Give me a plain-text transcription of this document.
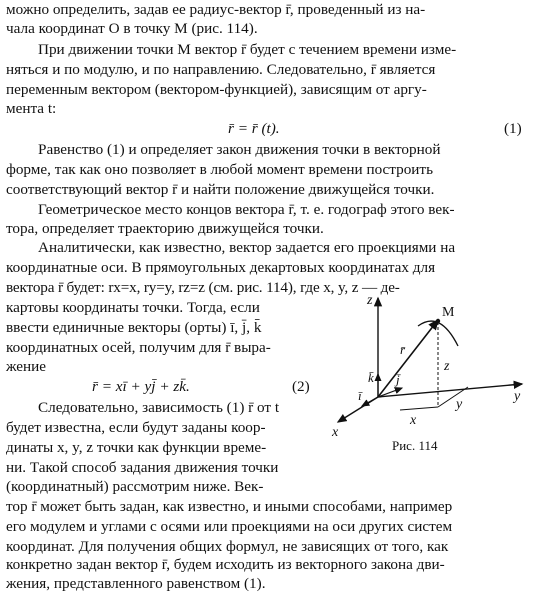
можно определить, задав ее радиус-вектор r̄, проведенный из на-
чала координат O в точку M (рис. 114).
При движении точки M вектор r̄ будет с течением времени изме-
няться и по модулю, и по направлению. Следовательно, r̄ является
переменным вектором (вектором-функцией), зависящим от аргу-
мента t:
r̄ = r̄ (t).	(1)
Равенство (1) и определяет закон движения точки в векторной
форме, так как оно позволяет в любой момент времени построить
соответствующий вектор r̄ и найти положение движущейся точки.
Геометрическое место концов вектора r̄, т. е. годограф этого век-
тора, определяет траекторию движущейся точки.
Аналитически, как известно, вектор задается его проекциями на
координатные оси. В прямоугольных декартовых координатах для
вектора r̄ будет: rx=x, ry=y, rz=z (см. рис. 114), где x, y, z — де-
картовы координаты точки. Тогда, если
ввести единичные векторы (орты) ī, j̄, k̄
координатных осей, получим для r̄ выра-
жение
r̄ = xī + yj̄ + zk̄.	(2)
Следовательно, зависимость (1) r̄ от t
будет известна, если будут заданы коор-
динаты x, y, z точки как функции време-
ни. Такой способ задания движения точки
(координатный) рассмотрим ниже. Век-
тор r̄ может быть задан, как известно, и иными способами, например
его модулем и углами с осями или проекциями на оси других систем
координат. Для получения общих формул, не зависящих от того, как
конкретно задан вектор r̄, будем исходить из векторного закона дви-
жения, представленного равенством (1).
z
y
x
M
r̄
k̄
ī
j̄
z
x
y
Рис. 114
